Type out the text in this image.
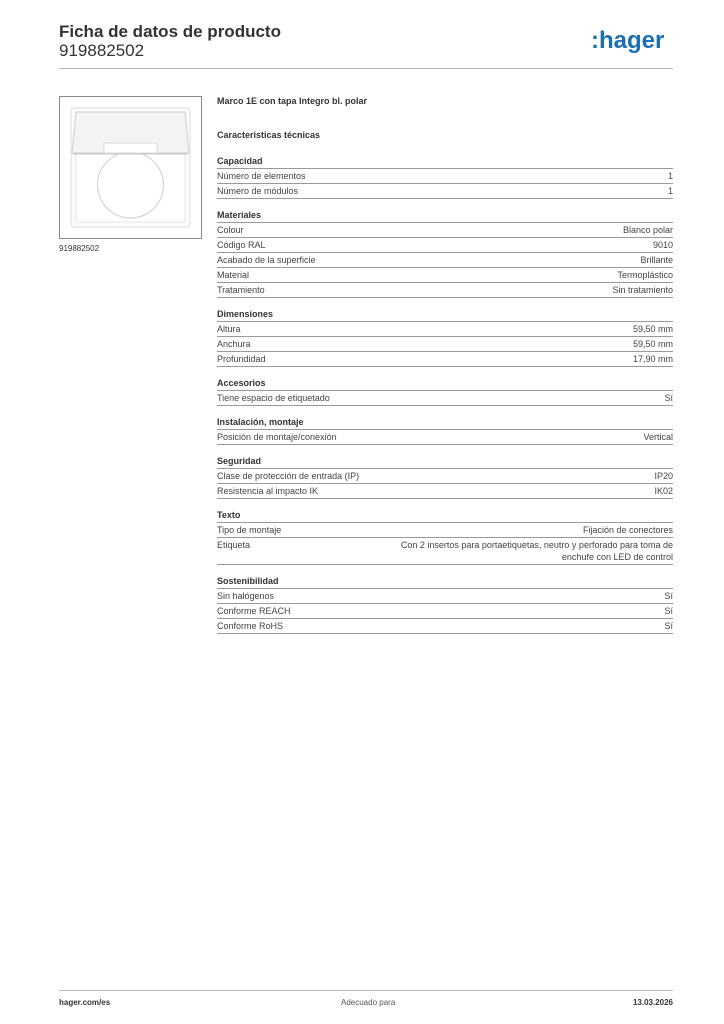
Ficha de datos de producto
919882502	:hager
919882502
Marco 1E con tapa Integro bl. polar
Características técnicas
Capacidad
Número de elementos	1
Número de módulos	1
Materiales
Colour	Blanco polar
Código RAL	9010
Acabado de la superficie	Brillante
Material	Termoplástico
Tratamiento	Sin tratamiento
Dimensiones
Altura	59,50 mm
Anchura	59,50 mm
Profundidad	17,90 mm
Accesorios
Tiene espacio de etiquetado	Sí
Instalación, montaje
Posición de montaje/conexión	Vertical
Seguridad
Clase de protección de entrada (IP)	IP20
Resistencia al impacto IK	IK02
Texto
Tipo de montaje	Fijación de conectores
Etiqueta	Con 2 insertos para portaetiquetas, neutro y perforado para toma de enchufe con LED de control
Sostenibilidad
Sin halógenos	Sí
Conforme REACH	Sí
Conforme RoHS	Sí
hager.com/es	Adecuado para	13.03.2026
